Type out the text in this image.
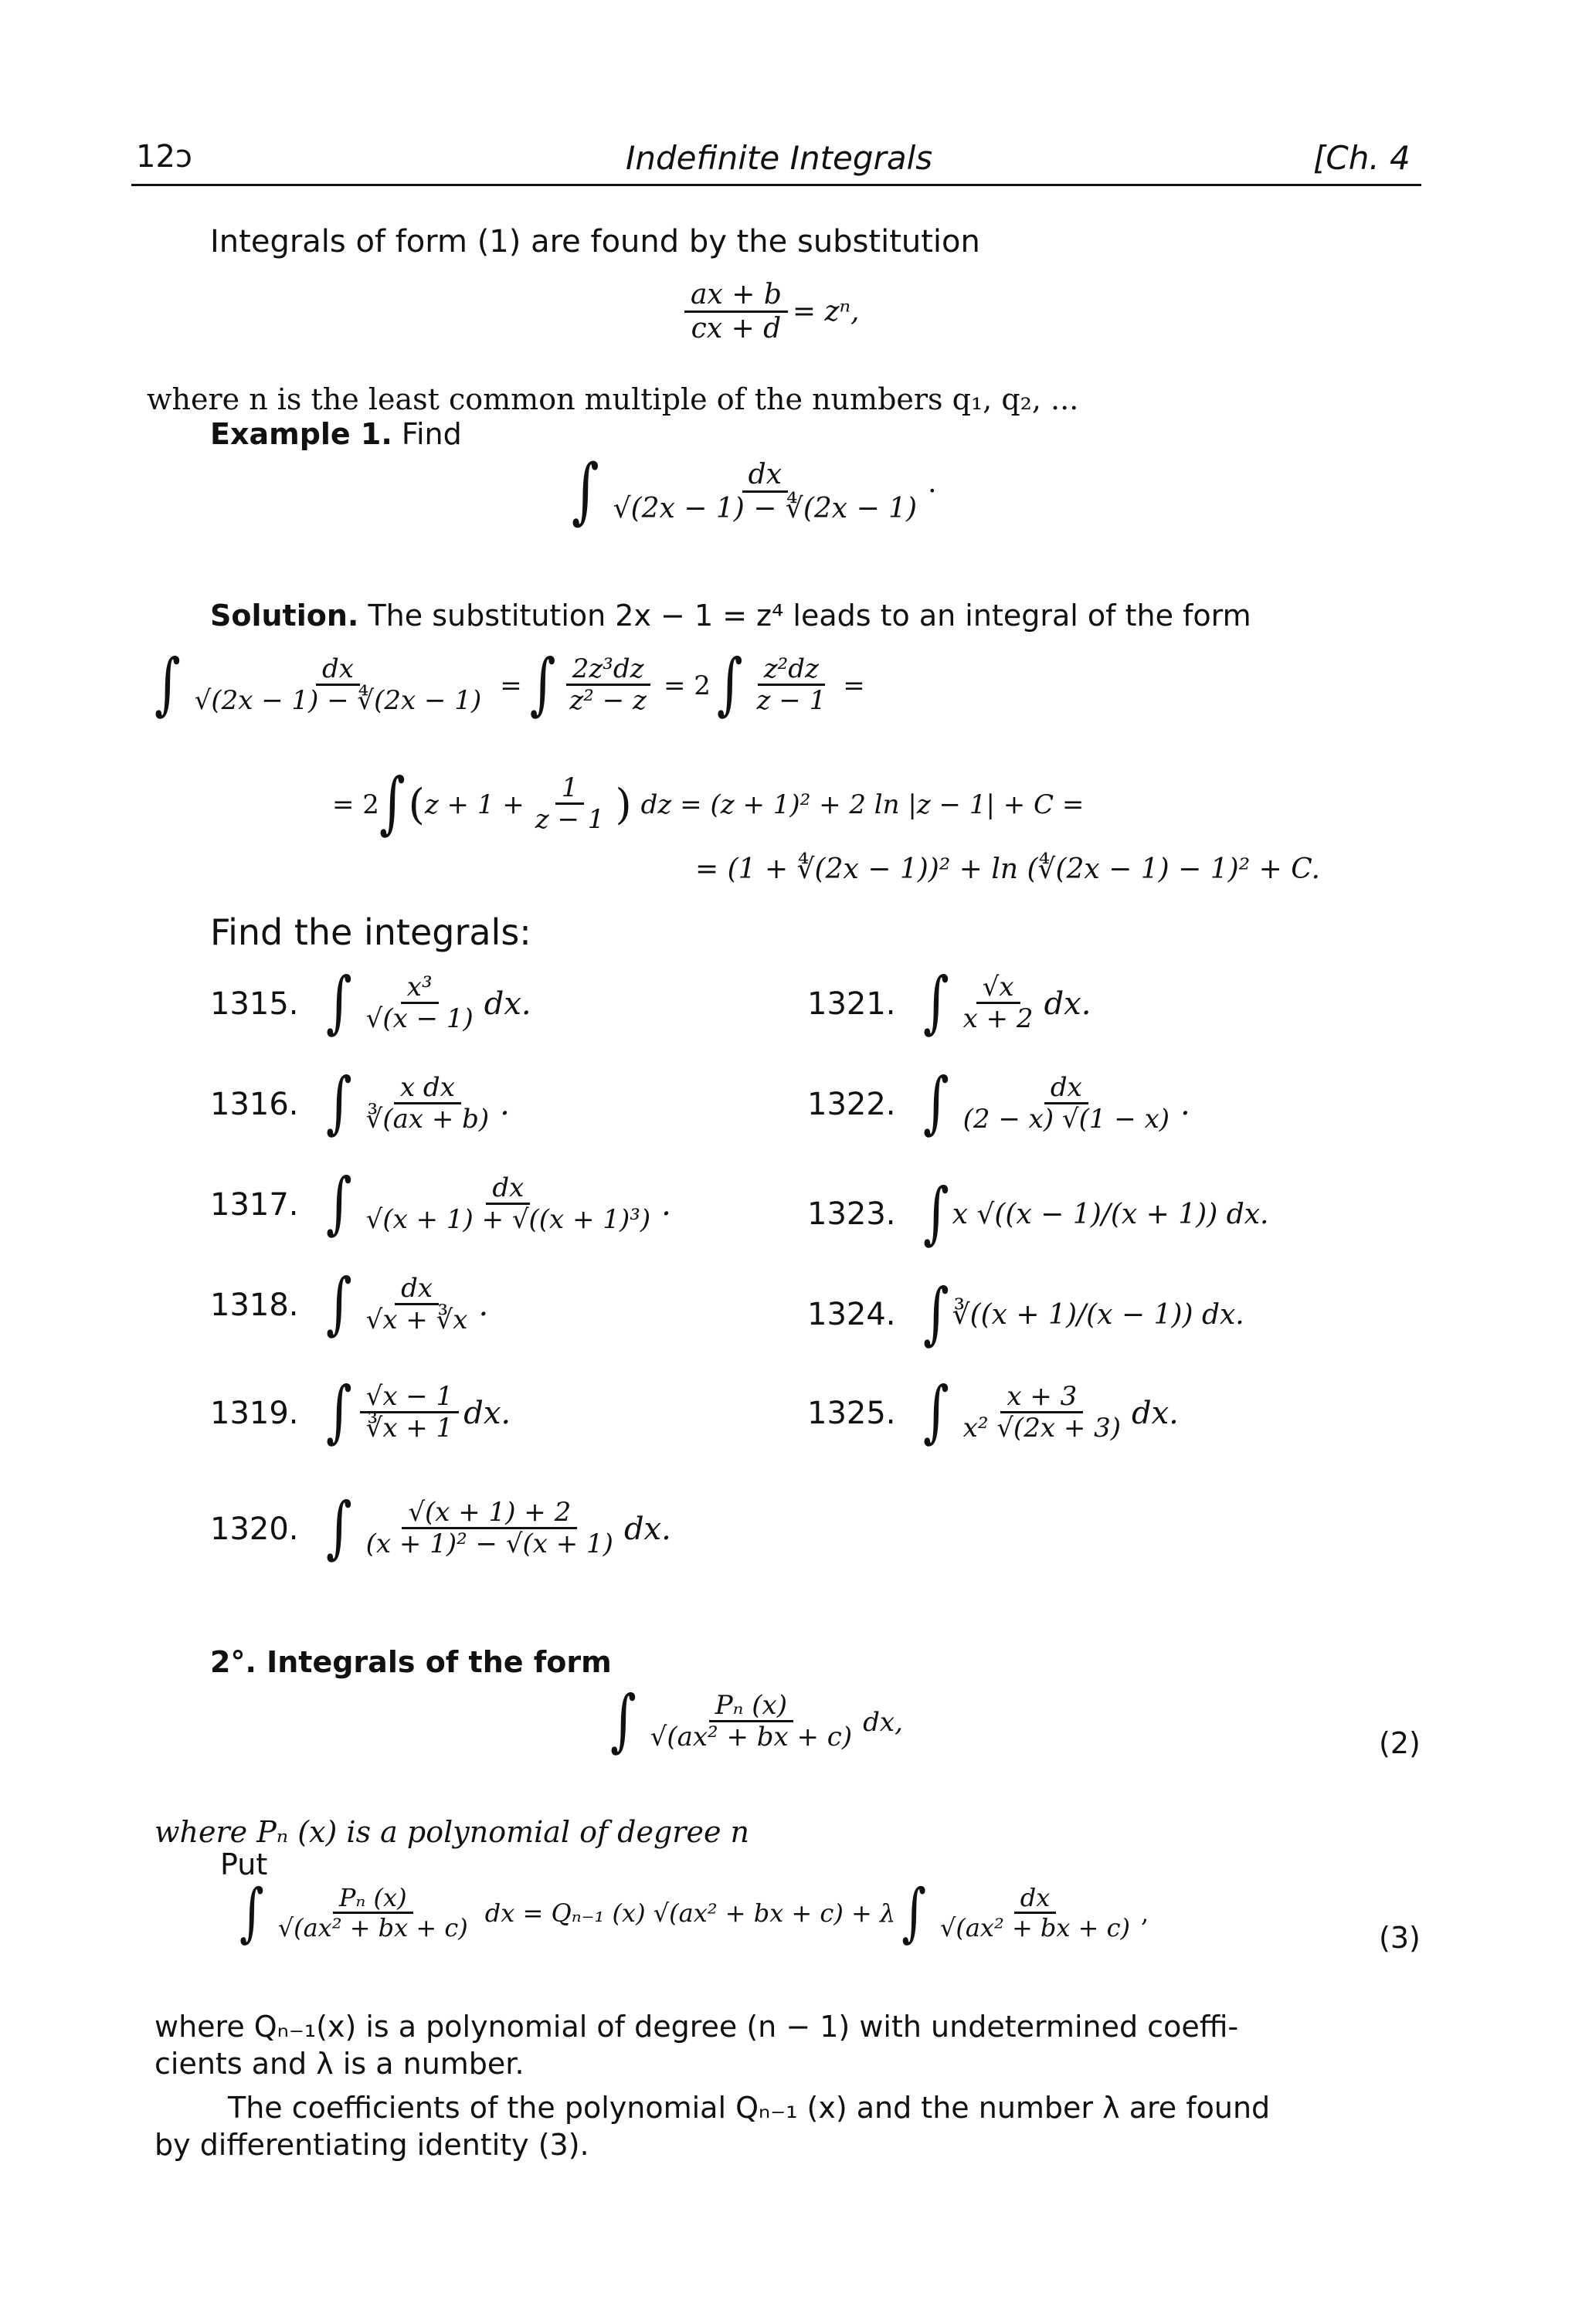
12ɔ	Indefinite Integrals	[Ch. 4
Integrals of form (1) are found by the substitution
$\frac{ax + b}{cx + d} = z^n$,
where n is the least common multiple of the numbers q₁, q₂, ...
Example 1. Find
∫ $\frac{dx}{√(2x - 1) - ∜(2x - 1)}$ ·
Solution. The substitution 2x − 1 = z⁴ leads to an integral of the form
∫ $\frac{dx}{√(2x - 1) - ∜(2x - 1)}$ = ∫ $\frac{\text{2z³dz}}{\text{z² − z}} = 2$ ∫ $\frac{\text{z²dz}}{z - 1}$ =
= 2 ∫ ( $z + 1 + \frac{1}{z - 1}$ ) dz = (z + 1)² + 2 ln |z − 1| + C =
= (1 + ∜(2x − 1))² + ln (∜(2x − 1) − 1)² + C.
Find the integrals:
1315. ∫ $\frac{\text{x³}}{√(x - 1)}$ dx.
1316. ∫ $\frac{\text{x dx}}{∛(ax + b)}$ .
1317. ∫ $\frac{dx}{\text{√(x + 1) + √((x + 1)³)}}$ .
1318. ∫ $\frac{dx}{√x + ∛x}$ .
1319. ∫ $\frac{√x - 1}{∛x + 1}$ dx.
1320. ∫ $\frac{√(x + 1) + 2}{\text{(x + 1)² − √(x + 1)}}$ dx.
1321. ∫ $\frac{√x}{x + 2}$ dx.
1322. ∫ $\frac{dx}{(2 - x) √(1 - x)}$ .
1323. ∫ x √((x − 1)/(x + 1)) dx.
1324. ∫ ∛((x + 1)/(x − 1)) dx.
1325. ∫ $\frac{x + 3}{\text{x² √(2x + 3)}}$ dx.
2°. Integrals of the form
∫ $\frac{\text{Pₙ (x)}}{\text{√(ax² + bx + c)}}$ dx,
(2)
where Pₙ (x) is a polynomial of degree n
Put
∫ $\frac{\text{Pₙ (x)}}{\text{√(ax² + bx + c)}}$ dx = Qₙ₋₁ (x) √(ax² + bx + c) + λ ∫ $\frac{dx}{\text{√(ax² + bx + c)}}$ ,
(3)

where Qₙ₋₁(x) is a polynomial of degree (n − 1) with undetermined coeffi-

cients and λ is a number.

The coefficients of the polynomial Qₙ₋₁ (x) and the number λ are found

by differentiating identity (3).
